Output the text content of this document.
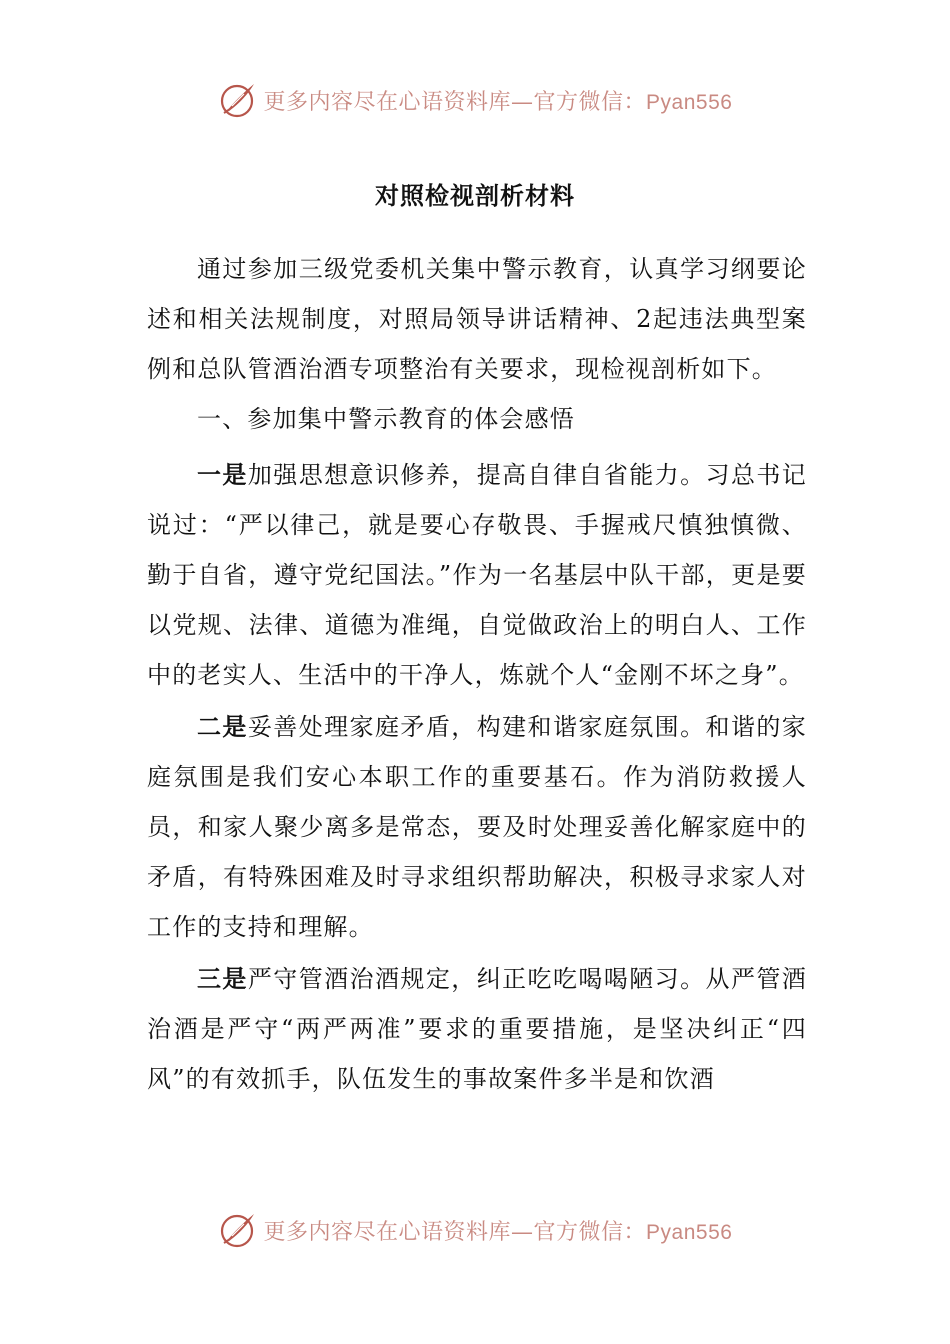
更多内容尽在心语资料库—官方微信：Pyan556
对照检视剖析材料

通过参加三级党委机关集中警示教育，认真学习纲要论述和相关法规制度，对照局领导讲话精神、2起违法典型案例和总队管酒治酒专项整治有关要求，现检视剖析如下。

一、参加集中警示教育的体会感悟

一是加强思想意识修养，提高自律自省能力。习总书记说过：“严以律己，就是要心存敬畏、手握戒尺慎独慎微、勤于自省，遵守党纪国法。”作为一名基层中队干部，更是要以党规、法律、道德为准绳，自觉做政治上的明白人、工作中的老实人、生活中的干净人，炼就个人“金刚不坏之身”。

二是妥善处理家庭矛盾，构建和谐家庭氛围。和谐的家庭氛围是我们安心本职工作的重要基石。作为消防救援人员，和家人聚少离多是常态，要及时处理妥善化解家庭中的矛盾，有特殊困难及时寻求组织帮助解决，积极寻求家人对工作的支持和理解。

三是严守管酒治酒规定，纠正吃吃喝喝陋习。从严管酒治酒是严守“两严两准”要求的重要措施，是坚决纠正“四风”的有效抓手，队伍发生的事故案件多半是和饮酒

更多内容尽在心语资料库—官方微信：Pyan556
